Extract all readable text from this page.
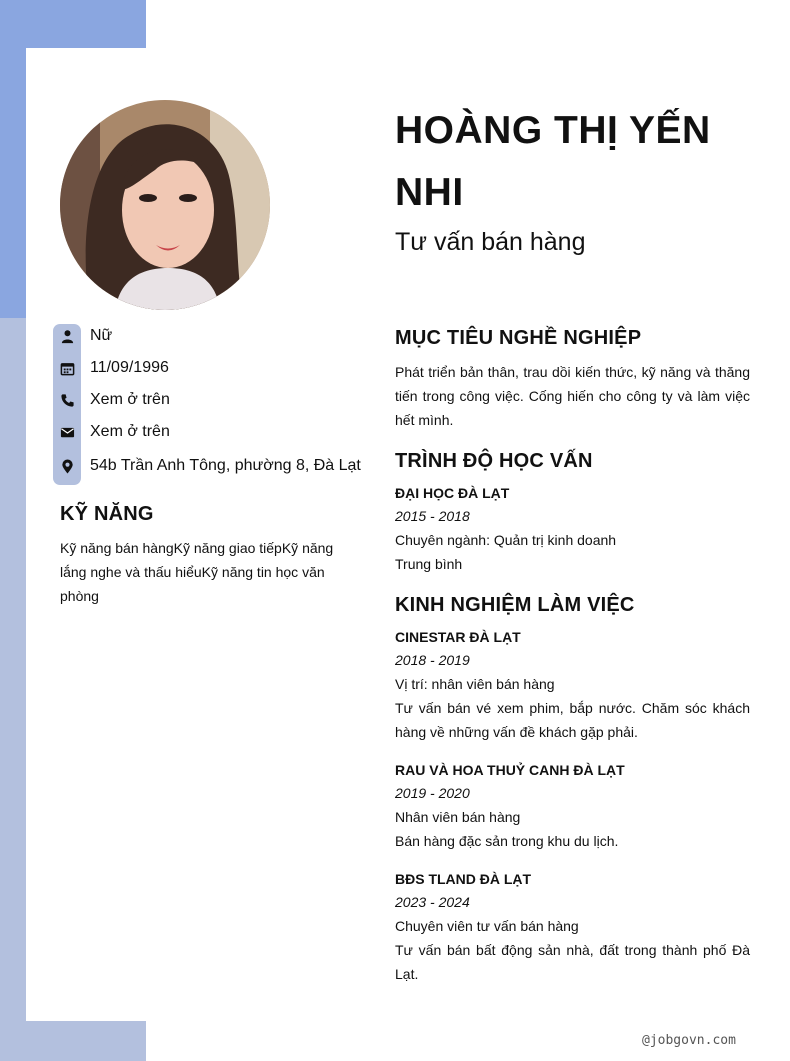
HOÀNG THỊ YẾN NHI
Tư vấn bán hàng
Nữ
11/09/1996
Xem ở trên
Xem ở trên
54b Trần Anh Tông, phường 8, Đà Lạt
KỸ NĂNG

Kỹ năng bán hàngKỹ năng giao tiếpKỹ năng lắng nghe và thấu hiểuKỹ năng tin học văn phòng

MỤC TIÊU NGHỀ NGHIỆP

Phát triển bản thân, trau dồi kiến thức, kỹ năng và thăng tiến trong công việc. Cống hiến cho công ty và làm việc hết mình.

TRÌNH ĐỘ HỌC VẤN

ĐẠI HỌC ĐÀ LẠT

2015 - 2018

Chuyên ngành: Quản trị kinh doanh

Trung bình

KINH NGHIỆM LÀM VIỆC

CINESTAR ĐÀ LẠT

2018 - 2019

Vị trí: nhân viên bán hàng

Tư vấn bán vé xem phim, bắp nước. Chăm sóc khách hàng về những vấn đề khách gặp phải.

RAU VÀ HOA THUỶ CANH ĐÀ LẠT

2019 - 2020

Nhân viên bán hàng

Bán hàng đặc sản trong khu du lịch.

BĐS TLAND ĐÀ LẠT

2023 - 2024

Chuyên viên tư vấn bán hàng

Tư vấn bán bất động sản nhà, đất trong thành phố Đà Lạt.

@jobgovn.com
